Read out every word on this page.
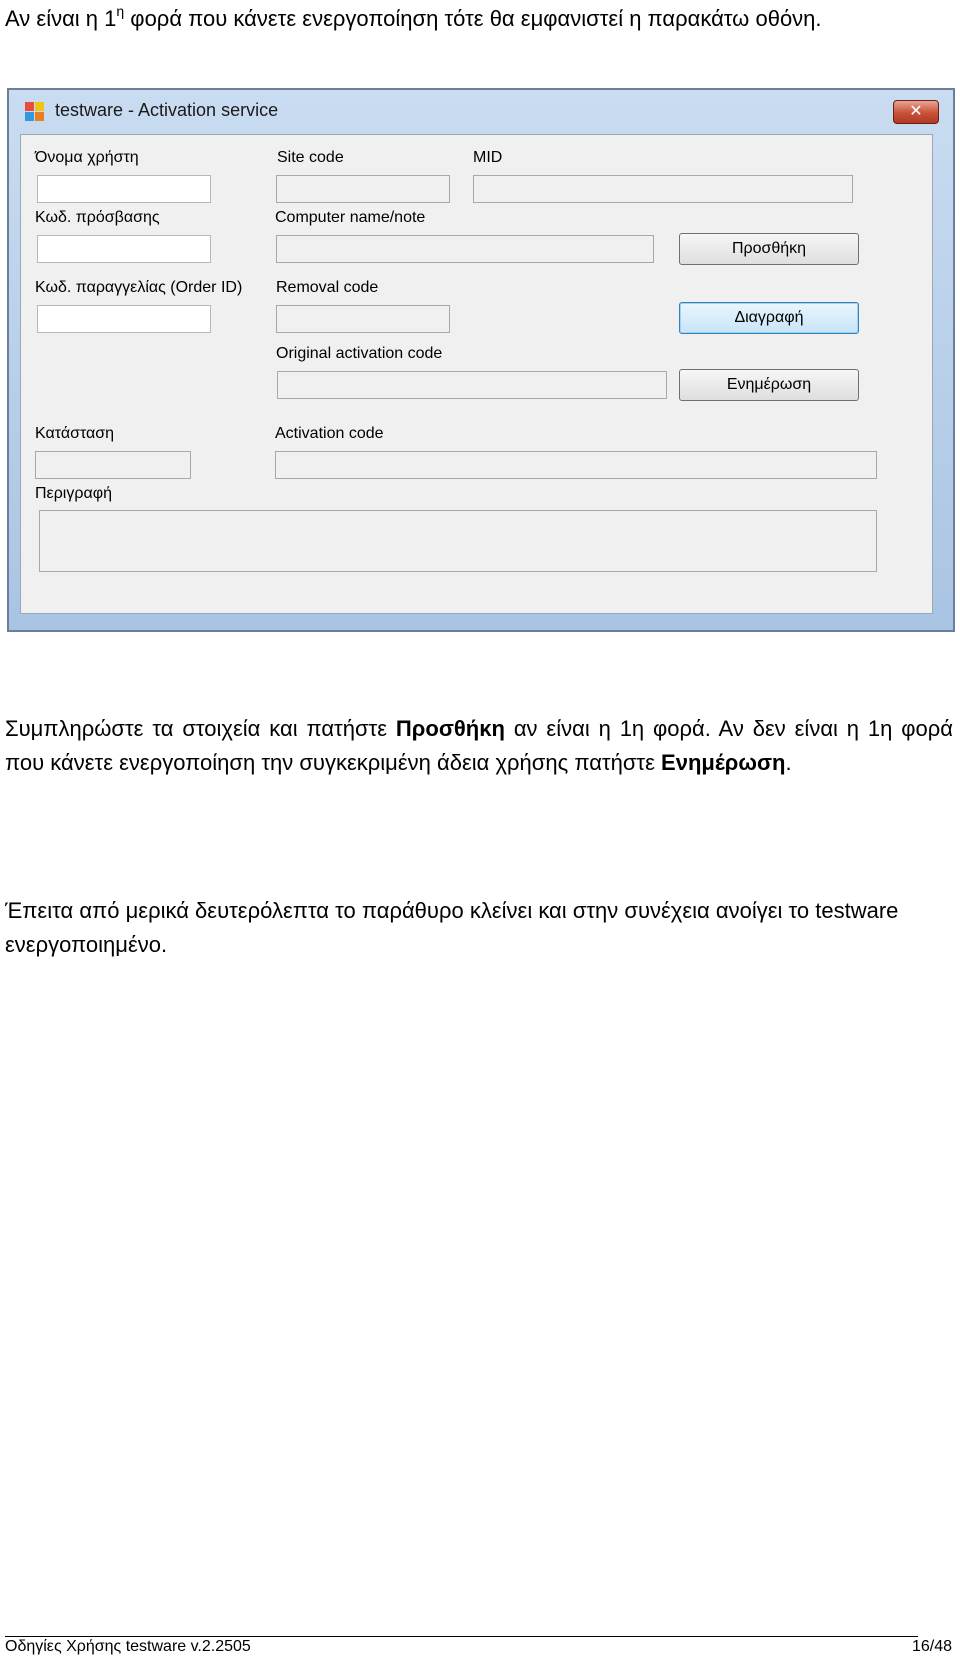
Αν είναι η $1^\eta$ φορά που κάνετε ενεργοποίηση τότε θα εμφανιστεί η παρακάτω οθόνη.

testware - Activation service	✕
Όνομα χρήστη	Site code	MID
Κωδ. πρόσβασης	Computer name/note
Προσθήκη
Κωδ. παραγγελίας (Order ID) Removal code
Διαγραφή
Original activation code
Ενημέρωση
Κατάσταση	Activation code
Περιγραφή

Συμπληρώστε τα στοιχεία και πατήστε Προσθήκη αν είναι η 1η φορά. Αν δεν είναι η 1η φορά που κάνετε ενεργοποίηση την συγκεκριμένη άδεια χρήσης πατήστε Ενημέρωση.

Έπειτα από μερικά δευτερόλεπτα το παράθυρο κλείνει και στην συνέχεια ανοίγει το testware ενεργοποιημένο.

Οδηγίες Χρήσης testware v.2.2505	16/48
